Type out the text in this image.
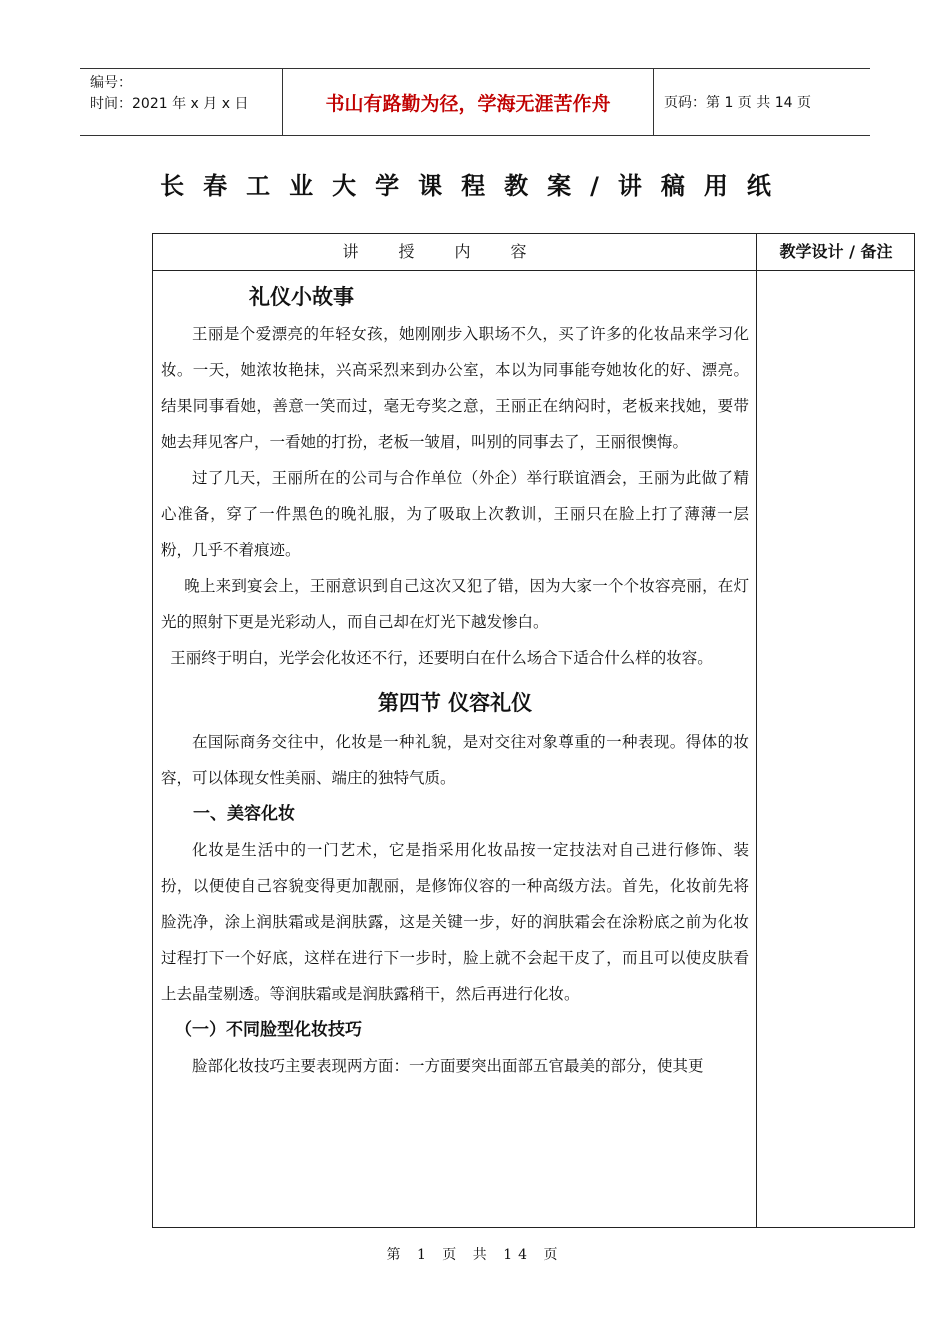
编号：
时间：2021 年 x 月 x 日	书山有路勤为径，学海无涯苦作舟	页码：第 1 页 共 14 页
长春工业大学课程教案/讲稿用纸
讲授内容	教学设计 / 备注

礼仪小故事

王丽是个爱漂亮的年轻女孩，她刚刚步入职场不久，买了许多的化妆品来学习化妆。一天，她浓妆艳抹，兴高采烈来到办公室，本以为同事能夸她妆化的好、漂亮。结果同事看她，善意一笑而过，毫无夸奖之意，王丽正在纳闷时，老板来找她，要带她去拜见客户，一看她的打扮，老板一皱眉，叫别的同事去了，王丽很懊悔。

过了几天，王丽所在的公司与合作单位（外企）举行联谊酒会，王丽为此做了精心准备，穿了一件黑色的晚礼服，为了吸取上次教训，王丽只在脸上打了薄薄一层粉，几乎不着痕迹。

晚上来到宴会上，王丽意识到自己这次又犯了错，因为大家一个个妆容亮丽，在灯光的照射下更是光彩动人，而自己却在灯光下越发惨白。

王丽终于明白，光学会化妆还不行，还要明白在什么场合下适合什么样的妆容。

第四节 仪容礼仪

在国际商务交往中，化妆是一种礼貌，是对交往对象尊重的一种表现。得体的妆容，可以体现女性美丽、端庄的独特气质。

一、美容化妆

化妆是生活中的一门艺术，它是指采用化妆品按一定技法对自己进行修饰、装扮，以便使自己容貌变得更加靓丽，是修饰仪容的一种高级方法。首先，化妆前先将脸洗净，涂上润肤霜或是润肤露，这是关键一步，好的润肤霜会在涂粉底之前为化妆过程打下一个好底，这样在进行下一步时，脸上就不会起干皮了，而且可以使皮肤看上去晶莹剔透。等润肤霜或是润肤露稍干，然后再进行化妆。

（一）不同脸型化妆技巧

脸部化妆技巧主要表现两方面：一方面要突出面部五官最美的部分，使其更

第 1 页 共 14 页
